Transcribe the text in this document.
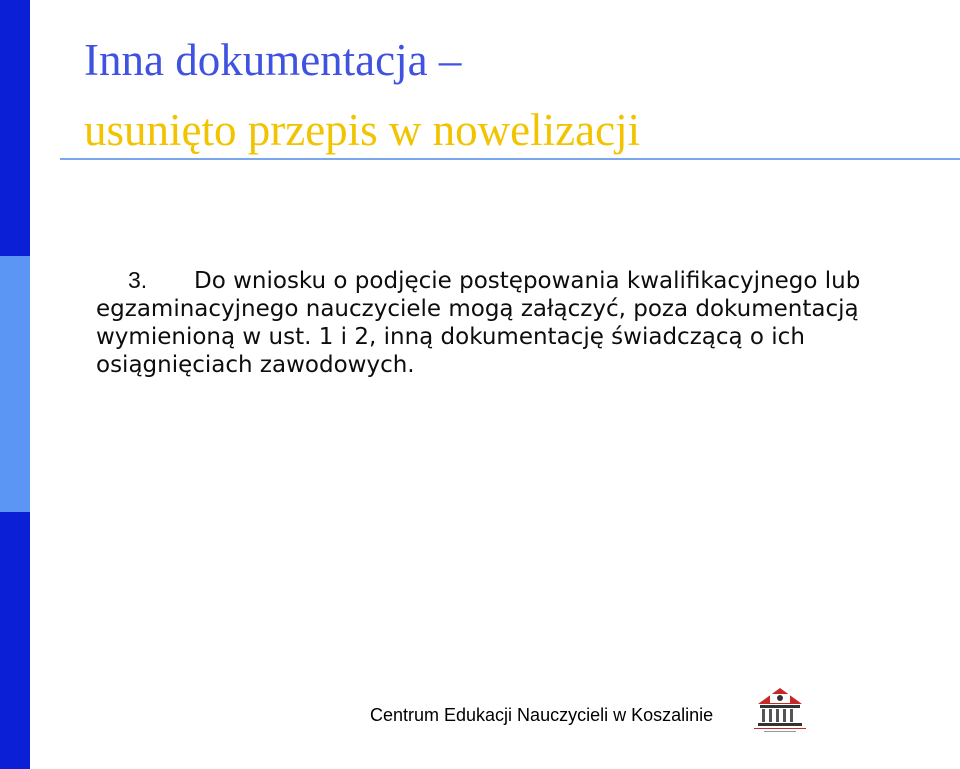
Inna dokumentacja –
usunięto przepis w nowelizacji

3. Do wniosku o podjęcie postępowania kwalifikacyjnego lub egzaminacyjnego nauczyciele mogą załączyć, poza dokumentacją wymienioną w ust. 1 i 2, inną dokumentację świadczącą o ich osiągnięciach zawodowych.

Centrum Edukacji Nauczycieli w Koszalinie
